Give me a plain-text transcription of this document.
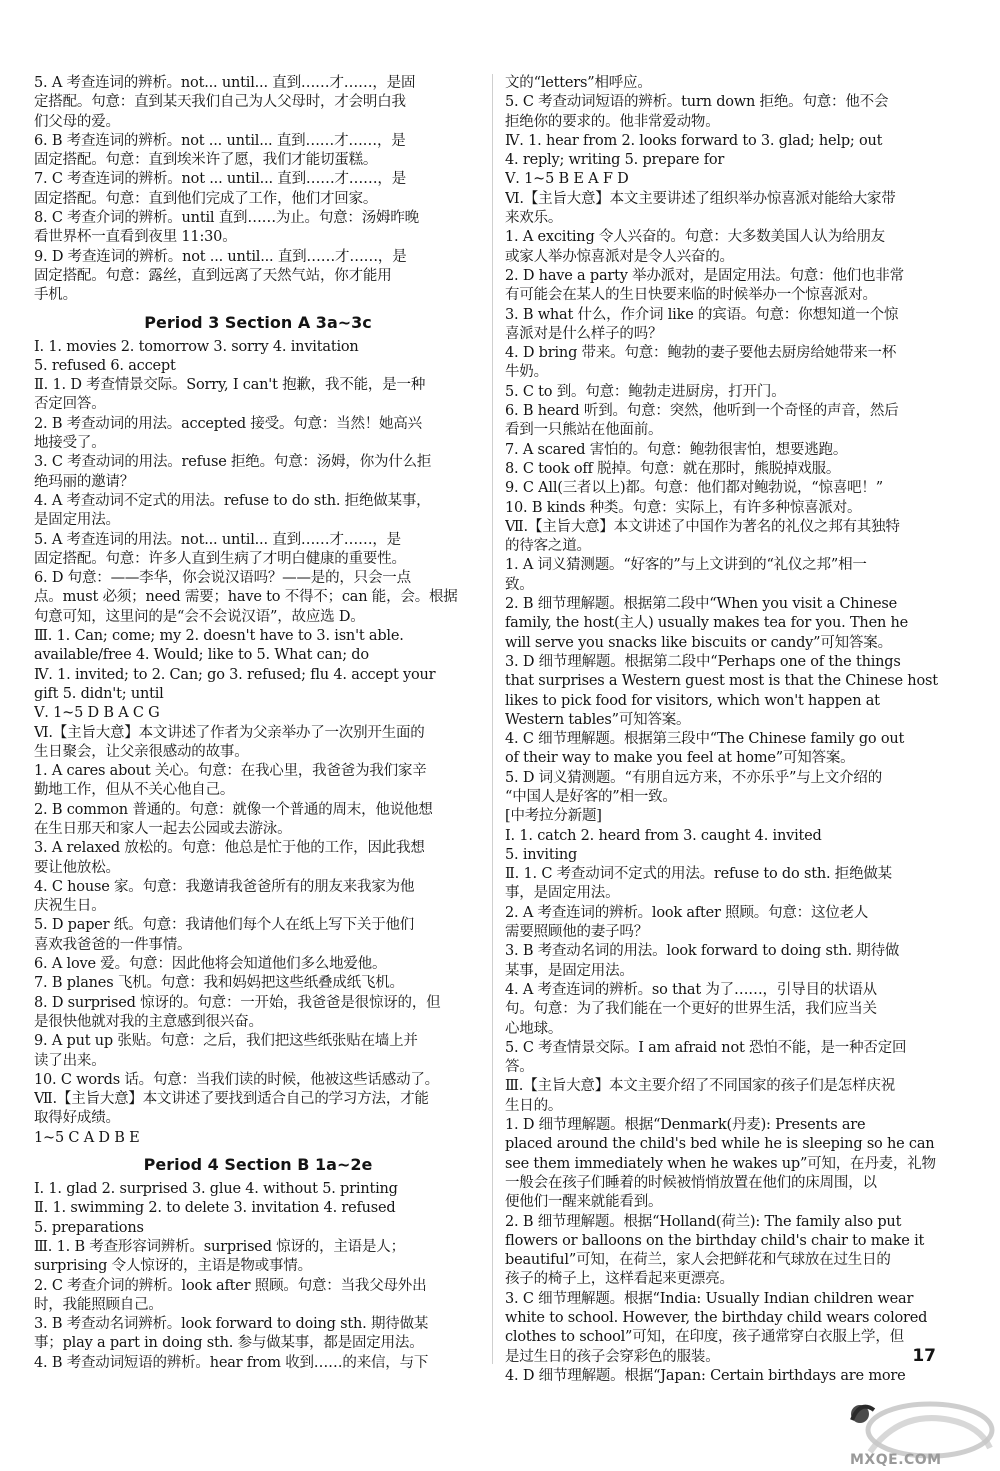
5. A 考查连词的辨析。not... until... 直到……才……，是固
定搭配。句意：直到某天我们自己为人父母时，才会明白我
们父母的爱。
6. B 考查连词的辨析。not ... until... 直到……才……，是
固定搭配。句意：直到埃米许了愿，我们才能切蛋糕。
7. C 考查连词的辨析。not ... until... 直到……才……，是
固定搭配。句意：直到他们完成了工作，他们才回家。
8. C 考查介词的辨析。until 直到……为止。句意：汤姆昨晚
看世界杯一直看到夜里 11:30。
9. D 考查连词的辨析。not ... until... 直到……才……，是
固定搭配。句意：露丝，直到远离了天然气站，你才能用
手机。
Period 3 Section A 3a~3c
Ⅰ. 1. movies 2. tomorrow 3. sorry 4. invitation
5. refused 6. accept
Ⅱ. 1. D 考查情景交际。Sorry, I can't 抱歉，我不能，是一种
否定回答。
2. B 考查动词的用法。accepted 接受。句意：当然！她高兴
地接受了。
3. C 考查动词的用法。refuse 拒绝。句意：汤姆，你为什么拒
绝玛丽的邀请？
4. A 考查动词不定式的用法。refuse to do sth. 拒绝做某事，
是固定用法。
5. A 考查连词的用法。not... until... 直到……才……，是
固定搭配。句意：许多人直到生病了才明白健康的重要性。
6. D 句意：——李华，你会说汉语吗？——是的，只会一点
点。must 必须；need 需要；have to 不得不；can 能，会。根据
句意可知，这里问的是“会不会说汉语”，故应选 D。
Ⅲ. 1. Can; come; my 2. doesn't have to 3. isn't able.
available/free 4. Would; like to 5. What can; do
Ⅳ. 1. invited; to 2. Can; go 3. refused; flu 4. accept your
gift 5. didn't; until
Ⅴ. 1~5 D B A C G
Ⅵ.【主旨大意】本文讲述了作者为父亲举办了一次别开生面的
生日聚会，让父亲很感动的故事。
1. A cares about 关心。句意：在我心里，我爸爸为我们家辛
勤地工作，但从不关心他自己。
2. B common 普通的。句意：就像一个普通的周末，他说他想
在生日那天和家人一起去公园或去游泳。
3. A relaxed 放松的。句意：他总是忙于他的工作，因此我想
要让他放松。
4. C house 家。句意：我邀请我爸爸所有的朋友来我家为他
庆祝生日。
5. D paper 纸。句意：我请他们每个人在纸上写下关于他们
喜欢我爸爸的一件事情。
6. A love 爱。句意：因此他将会知道他们多么地爱他。
7. B planes 飞机。句意：我和妈妈把这些纸叠成纸飞机。
8. D surprised 惊讶的。句意：一开始，我爸爸是很惊讶的，但
是很快他就对我的主意感到很兴奋。
9. A put up 张贴。句意：之后，我们把这些纸张贴在墙上并
读了出来。
10. C words 话。句意：当我们读的时候，他被这些话感动了。
Ⅶ.【主旨大意】本文讲述了要找到适合自己的学习方法，才能
取得好成绩。
1~5 C A D B E
Period 4 Section B 1a~2e
Ⅰ. 1. glad 2. surprised 3. glue 4. without 5. printing
Ⅱ. 1. swimming 2. to delete 3. invitation 4. refused
5. preparations
Ⅲ. 1. B 考查形容词辨析。surprised 惊讶的，主语是人；
surprising 令人惊讶的，主语是物或事情。
2. C 考查介词的辨析。look after 照顾。句意：当我父母外出
时，我能照顾自己。
3. B 考查动名词辨析。look forward to doing sth. 期待做某
事；play a part in doing sth. 参与做某事，都是固定用法。
4. B 考查动词短语的辨析。hear from 收到……的来信，与下
文的“letters”相呼应。
5. C 考查动词短语的辨析。turn down 拒绝。句意：他不会
拒绝你的要求的。他非常爱动物。
Ⅳ. 1. hear from 2. looks forward to 3. glad; help; out
4. reply; writing 5. prepare for
Ⅴ. 1~5 B E A F D
Ⅵ.【主旨大意】本文主要讲述了组织举办惊喜派对能给大家带
来欢乐。
1. A exciting 令人兴奋的。句意：大多数美国人认为给朋友
或家人举办惊喜派对是令人兴奋的。
2. D have a party 举办派对，是固定用法。句意：他们也非常
有可能会在某人的生日快要来临的时候举办一个惊喜派对。
3. B what 什么，作介词 like 的宾语。句意：你想知道一个惊
喜派对是什么样子的吗？
4. D bring 带来。句意：鲍勃的妻子要他去厨房给她带来一杯
牛奶。
5. C to 到。句意：鲍勃走进厨房，打开门。
6. B heard 听到。句意：突然，他听到一个奇怪的声音，然后
看到一只熊站在他面前。
7. A scared 害怕的。句意：鲍勃很害怕，想要逃跑。
8. C took off 脱掉。句意：就在那时，熊脱掉戏服。
9. C All(三者以上)都。句意：他们都对鲍勃说，“惊喜吧！”
10. B kinds 种类。句意：实际上，有许多种惊喜派对。
Ⅶ.【主旨大意】本文讲述了中国作为著名的礼仪之邦有其独特
的待客之道。
1. A 词义猜测题。“好客的”与上文讲到的“礼仪之邦”相一
致。
2. B 细节理解题。根据第二段中“When you visit a Chinese
family, the host(主人) usually makes tea for you. Then he
will serve you snacks like biscuits or candy”可知答案。
3. D 细节理解题。根据第二段中“Perhaps one of the things
that surprises a Western guest most is that the Chinese host
likes to pick food for visitors, which won't happen at
Western tables”可知答案。
4. C 细节理解题。根据第三段中“The Chinese family go out
of their way to make you feel at home”可知答案。
5. D 词义猜测题。“有朋自远方来，不亦乐乎”与上文介绍的
“中国人是好客的”相一致。
[中考拉分新题]
Ⅰ. 1. catch 2. heard from 3. caught 4. invited
5. inviting
Ⅱ. 1. C 考查动词不定式的用法。refuse to do sth. 拒绝做某
事，是固定用法。
2. A 考查连词的辨析。look after 照顾。句意：这位老人
需要照顾他的妻子吗？
3. B 考查动名词的用法。look forward to doing sth. 期待做
某事，是固定用法。
4. A 考查连词的辨析。so that 为了……，引导目的状语从
句。句意：为了我们能在一个更好的世界生活，我们应当关
心地球。
5. C 考查情景交际。I am afraid not 恐怕不能，是一种否定回
答。
Ⅲ.【主旨大意】本文主要介绍了不同国家的孩子们是怎样庆祝
生日的。
1. D 细节理解题。根据“Denmark(丹麦): Presents are
placed around the child's bed while he is sleeping so he can
see them immediately when he wakes up”可知，在丹麦，礼物
一般会在孩子们睡着的时候被悄悄放置在他们的床周围，以
便他们一醒来就能看到。
2. B 细节理解题。根据“Holland(荷兰): The family also put
flowers or balloons on the birthday child's chair to make it
beautiful”可知，在荷兰，家人会把鲜花和气球放在过生日的
孩子的椅子上，这样看起来更漂亮。
3. C 细节理解题。根据“India: Usually Indian children wear
white to school. However, the birthday child wears colored
clothes to school”可知，在印度，孩子通常穿白衣服上学，但
是过生日的孩子会穿彩色的服装。
4. D 细节理解题。根据“Japan: Certain birthdays are more
17
MXQE.COM
